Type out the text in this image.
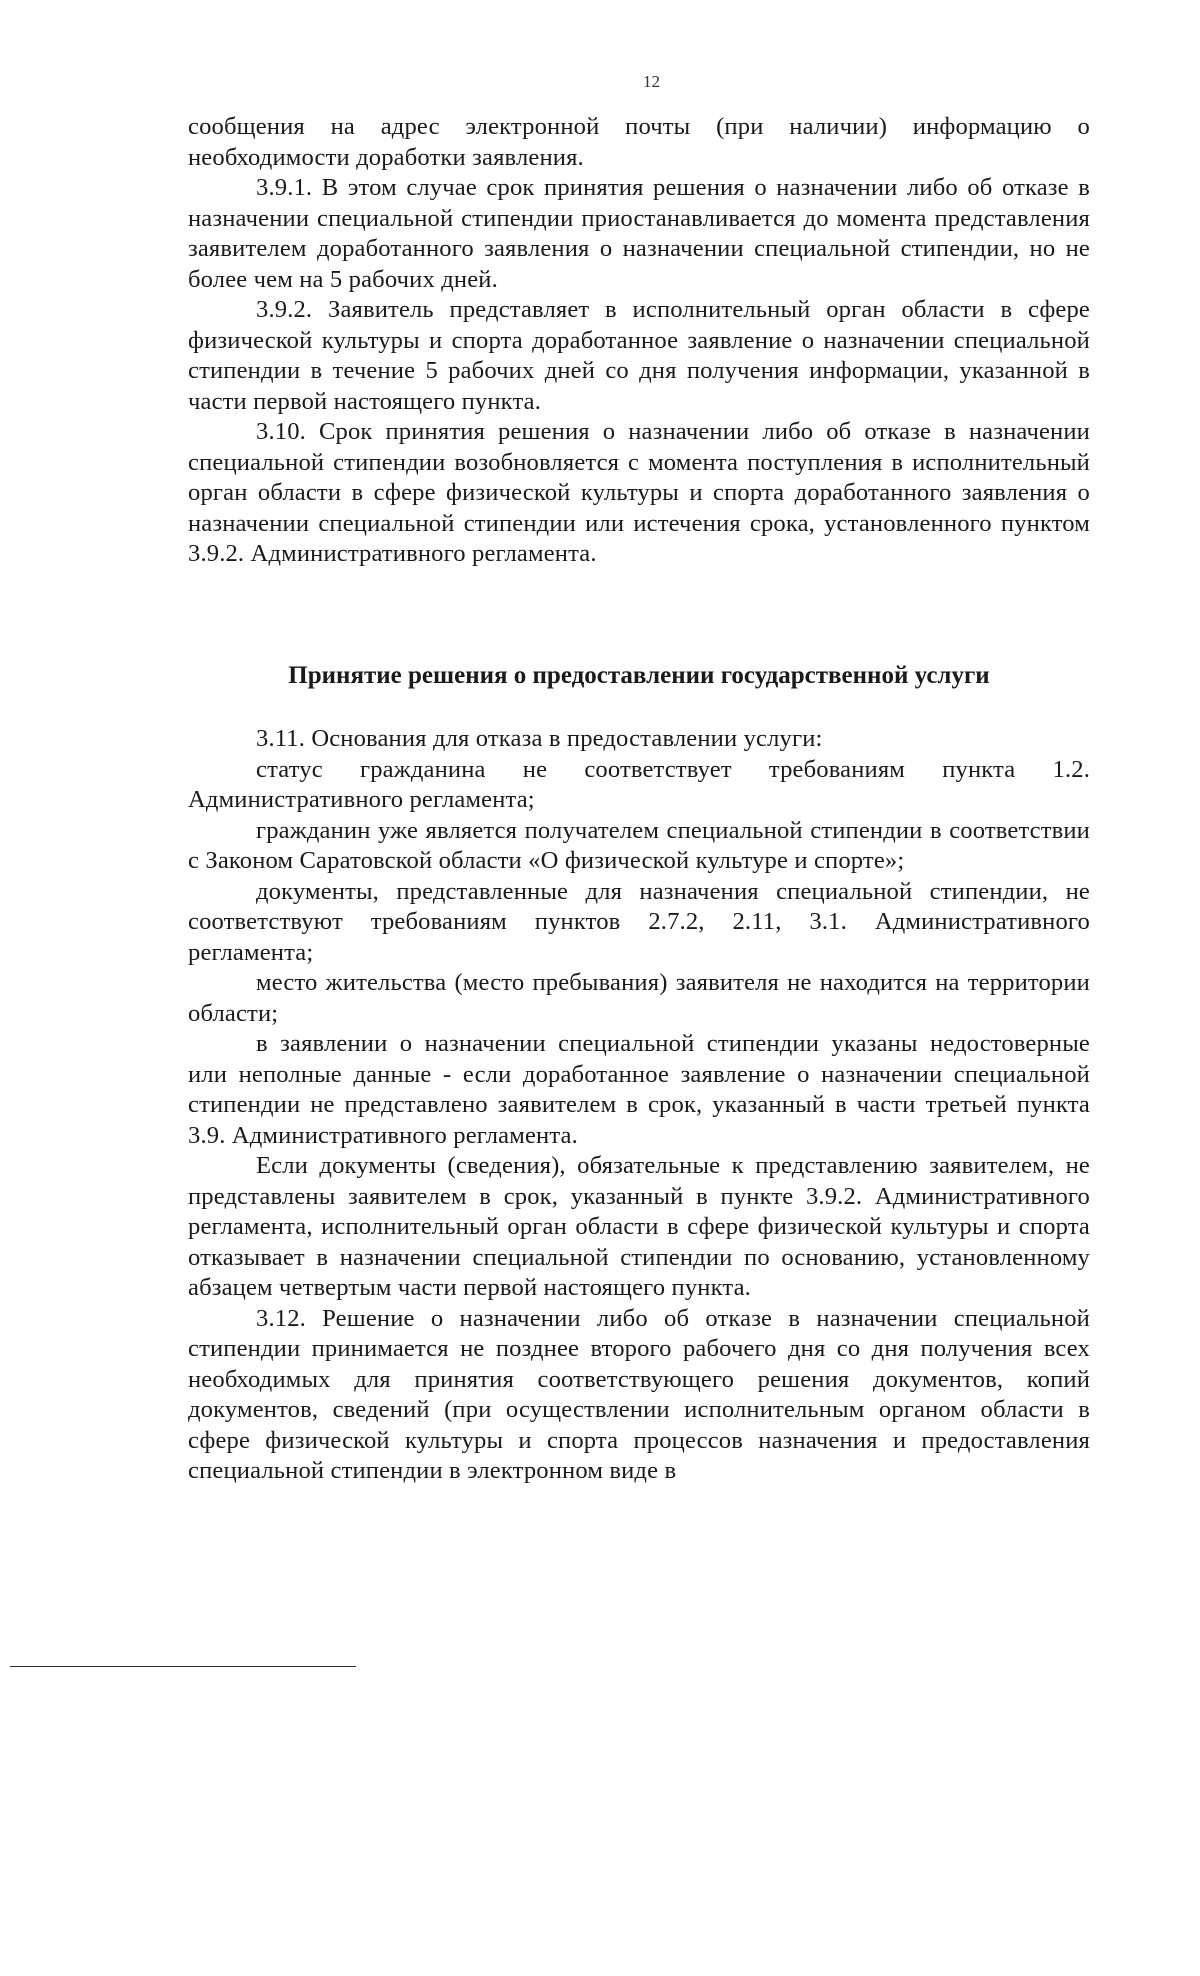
12

сообщения на адрес электронной почты (при наличии) информацию о необходимости доработки заявления.

3.9.1. В этом случае срок принятия решения о назначении либо об отказе в назначении специальной стипендии приостанавливается до момента представления заявителем доработанного заявления о назначении специальной стипендии, но не более чем на 5 рабочих дней.

3.9.2. Заявитель представляет в исполнительный орган области в сфере физической культуры и спорта доработанное заявление о назначении специальной стипендии в течение 5 рабочих дней со дня получения информации, указанной в части первой настоящего пункта.

3.10. Срок принятия решения о назначении либо об отказе в назначении специальной стипендии возобновляется с момента поступления в исполнительный орган области в сфере физической культуры и спорта доработанного заявления о назначении специальной стипендии или истечения срока, установленного пунктом 3.9.2. Административного регламента.

Принятие решения о предоставлении государственной услуги

3.11. Основания для отказа в предоставлении услуги:

статус гражданина не соответствует требованиям пункта 1.2. Административного регламента;

гражданин уже является получателем специальной стипендии в соответствии с Законом Саратовской области «О физической культуре и спорте»;

документы, представленные для назначения специальной стипендии, не соответствуют требованиям пунктов 2.7.2, 2.11, 3.1. Административного регламента;

место жительства (место пребывания) заявителя не находится на территории области;

в заявлении о назначении специальной стипендии указаны недостоверные или неполные данные - если доработанное заявление о назначении специальной стипендии не представлено заявителем в срок, указанный в части третьей пункта 3.9. Административного регламента.

Если документы (сведения), обязательные к представлению заявителем, не представлены заявителем в срок, указанный в пункте 3.9.2. Административного регламента, исполнительный орган области в сфере физической культуры и спорта отказывает в назначении специальной стипендии по основанию, установленному абзацем четвертым части первой настоящего пункта.

3.12. Решение о назначении либо об отказе в назначении специальной стипендии принимается не позднее второго рабочего дня со дня получения всех необходимых для принятия соответствующего решения документов, копий документов, сведений (при осуществлении исполнительным органом области в сфере физической культуры и спорта процессов назначения и предоставления специальной стипендии в электронном виде в
